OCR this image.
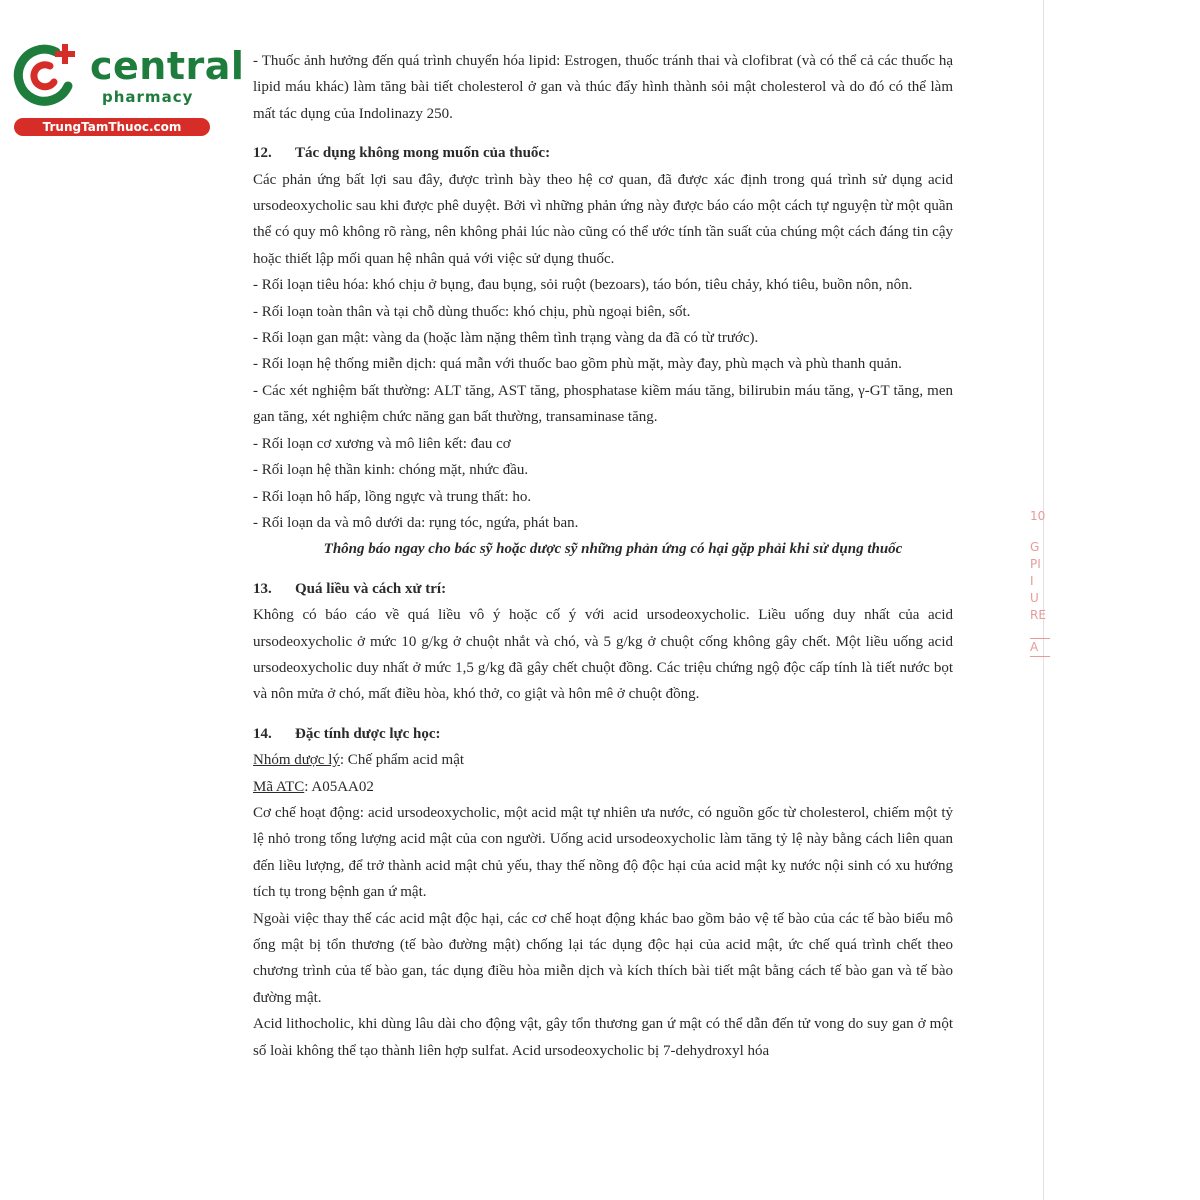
central
pharmacy
TrungTamThuoc.com

- Thuốc ảnh hưởng đến quá trình chuyển hóa lipid: Estrogen, thuốc tránh thai và clofibrat (và có thể cả các thuốc hạ lipid máu khác) làm tăng bài tiết cholesterol ở gan và thúc đẩy hình thành sỏi mật cholesterol và do đó có thể làm mất tác dụng của Indolinazy 250.

12. Tác dụng không mong muốn của thuốc:

Các phản ứng bất lợi sau đây, được trình bày theo hệ cơ quan, đã được xác định trong quá trình sử dụng acid ursodeoxycholic sau khi được phê duyệt. Bởi vì những phản ứng này được báo cáo một cách tự nguyện từ một quần thể có quy mô không rõ ràng, nên không phải lúc nào cũng có thể ước tính tần suất của chúng một cách đáng tin cậy hoặc thiết lập mối quan hệ nhân quả với việc sử dụng thuốc.

- Rối loạn tiêu hóa: khó chịu ở bụng, đau bụng, sỏi ruột (bezoars), táo bón, tiêu chảy, khó tiêu, buồn nôn, nôn.

- Rối loạn toàn thân và tại chỗ dùng thuốc: khó chịu, phù ngoại biên, sốt.

- Rối loạn gan mật: vàng da (hoặc làm nặng thêm tình trạng vàng da đã có từ trước).

- Rối loạn hệ thống miễn dịch: quá mẫn với thuốc bao gồm phù mặt, mày đay, phù mạch và phù thanh quản.

- Các xét nghiệm bất thường: ALT tăng, AST tăng, phosphatase kiềm máu tăng, bilirubin máu tăng, γ-GT tăng, men gan tăng, xét nghiệm chức năng gan bất thường, transaminase tăng.

- Rối loạn cơ xương và mô liên kết: đau cơ

- Rối loạn hệ thần kinh: chóng mặt, nhức đầu.

- Rối loạn hô hấp, lồng ngực và trung thất: ho.

- Rối loạn da và mô dưới da: rụng tóc, ngứa, phát ban.

Thông báo ngay cho bác sỹ hoặc dược sỹ những phản ứng có hại gặp phải khi sử dụng thuốc

13. Quá liều và cách xử trí:

Không có báo cáo về quá liều vô ý hoặc cố ý với acid ursodeoxycholic. Liều uống duy nhất của acid ursodeoxycholic ở mức 10 g/kg ở chuột nhắt và chó, và 5 g/kg ở chuột cống không gây chết. Một liều uống acid ursodeoxycholic duy nhất ở mức 1,5 g/kg đã gây chết chuột đồng. Các triệu chứng ngộ độc cấp tính là tiết nước bọt và nôn mửa ở chó, mất điều hòa, khó thở, co giật và hôn mê ở chuột đồng.

14. Đặc tính dược lực học:

Nhóm dược lý: Chế phẩm acid mật

Mã ATC: A05AA02

Cơ chế hoạt động: acid ursodeoxycholic, một acid mật tự nhiên ưa nước, có nguồn gốc từ cholesterol, chiếm một tỷ lệ nhỏ trong tổng lượng acid mật của con người. Uống acid ursodeoxycholic làm tăng tỷ lệ này bằng cách liên quan đến liều lượng, để trở thành acid mật chủ yếu, thay thế nồng độ độc hại của acid mật kỵ nước nội sinh có xu hướng tích tụ trong bệnh gan ứ mật.

Ngoài việc thay thế các acid mật độc hại, các cơ chế hoạt động khác bao gồm bảo vệ tế bào của các tế bào biểu mô ống mật bị tổn thương (tế bào đường mật) chống lại tác dụng độc hại của acid mật, ức chế quá trình chết theo chương trình của tế bào gan, tác dụng điều hòa miễn dịch và kích thích bài tiết mật bằng cách tế bào gan và tế bào đường mật.

Acid lithocholic, khi dùng lâu dài cho động vật, gây tổn thương gan ứ mật có thể dẫn đến tử vong do suy gan ở một số loài không thể tạo thành liên hợp sulfat. Acid ursodeoxycholic bị 7-dehydroxyl hóa

10
G
PI
I
U
RE
A
